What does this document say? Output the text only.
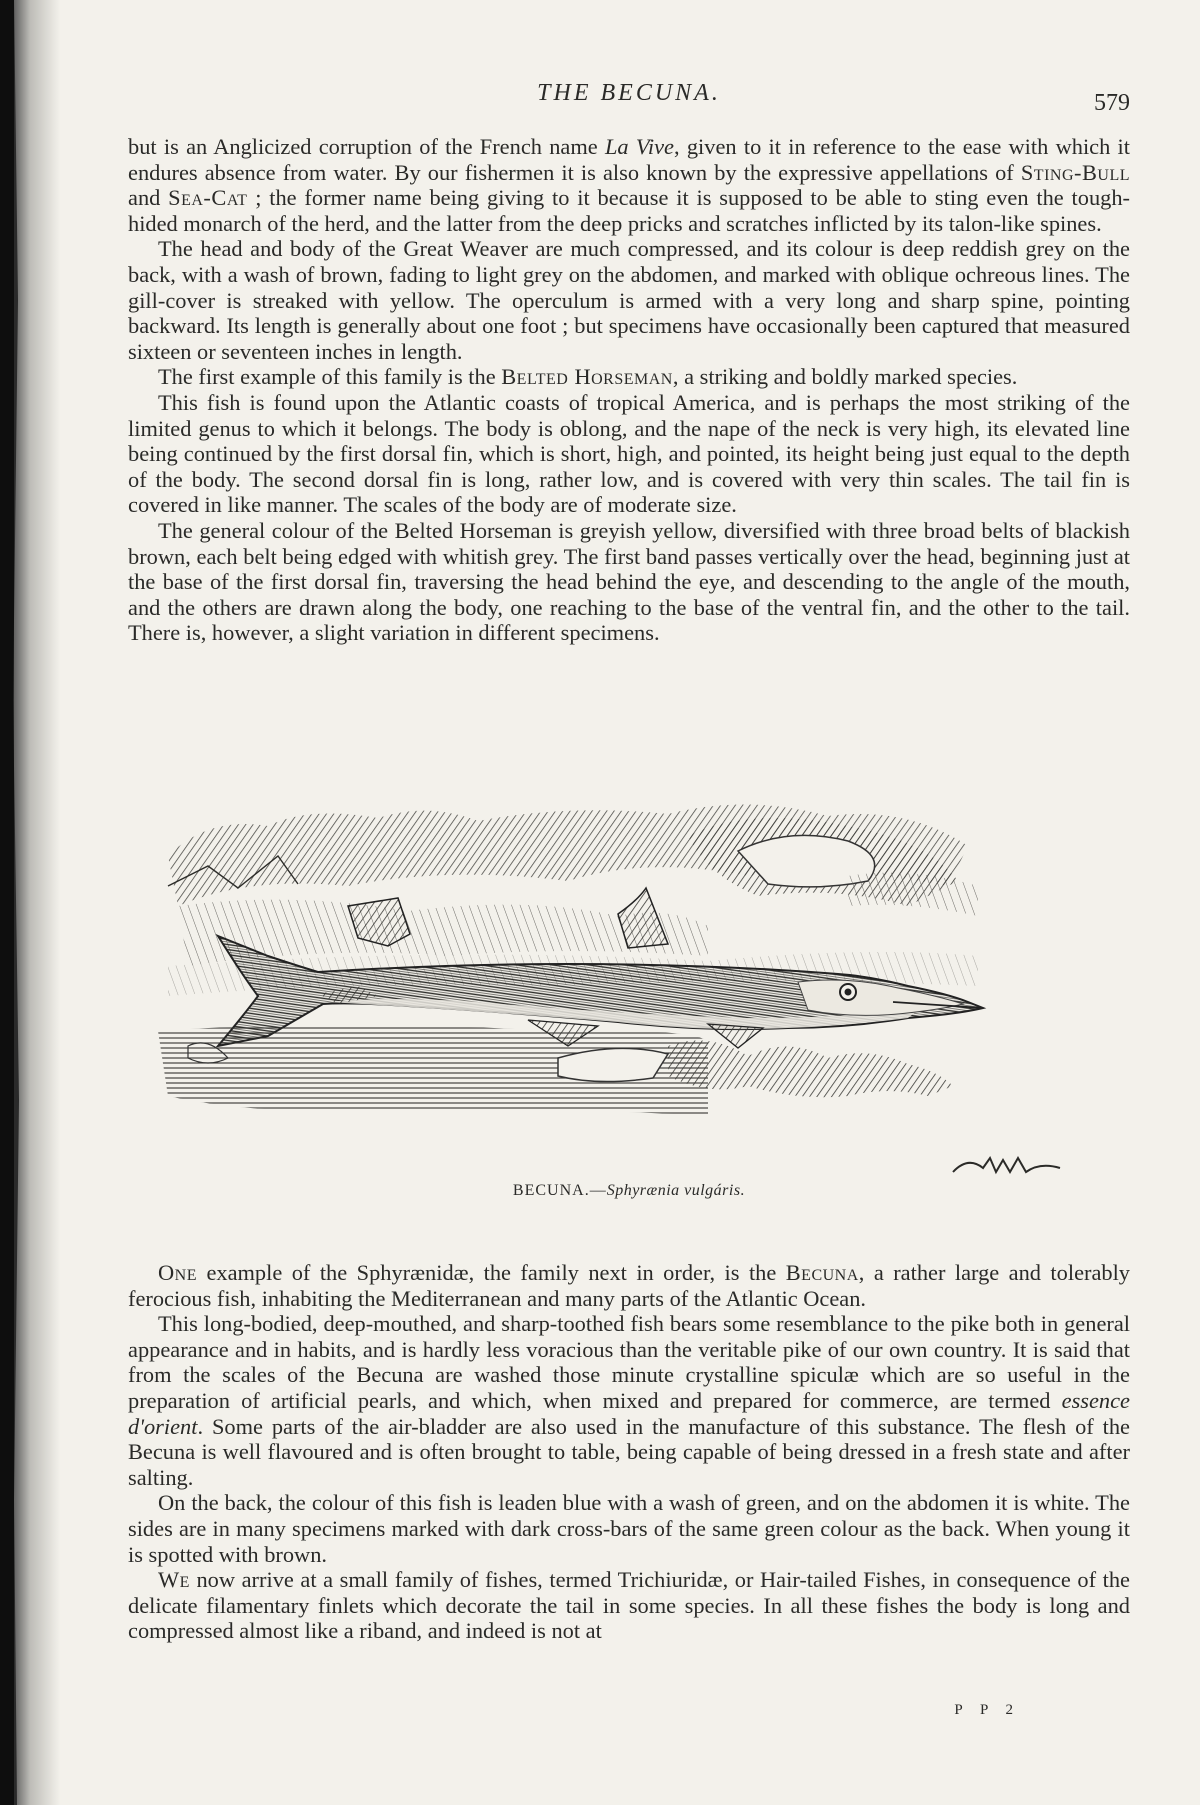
THE BECUNA.	579

but is an Anglicized corruption of the French name La Vive, given to it in reference to the ease with which it endures absence from water. By our fishermen it is also known by the expressive appellations of Sting-Bull and Sea-Cat ; the former name being giving to it because it is supposed to be able to sting even the tough-hided monarch of the herd, and the latter from the deep pricks and scratches inflicted by its talon-like spines.

The head and body of the Great Weaver are much compressed, and its colour is deep reddish grey on the back, with a wash of brown, fading to light grey on the abdomen, and marked with oblique ochreous lines. The gill-cover is streaked with yellow. The operculum is armed with a very long and sharp spine, pointing backward. Its length is generally about one foot ; but specimens have occasionally been captured that measured sixteen or seventeen inches in length.

The first example of this family is the Belted Horseman, a striking and boldly marked species.

This fish is found upon the Atlantic coasts of tropical America, and is perhaps the most striking of the limited genus to which it belongs. The body is oblong, and the nape of the neck is very high, its elevated line being continued by the first dorsal fin, which is short, high, and pointed, its height being just equal to the depth of the body. The second dorsal fin is long, rather low, and is covered with very thin scales. The tail fin is covered in like manner. The scales of the body are of moderate size.

The general colour of the Belted Horseman is greyish yellow, diversified with three broad belts of blackish brown, each belt being edged with whitish grey. The first band passes vertically over the head, beginning just at the base of the first dorsal fin, traversing the head behind the eye, and descending to the angle of the mouth, and the others are drawn along the body, one reaching to the base of the ventral fin, and the other to the tail. There is, however, a slight variation in different specimens.

BECUNA.—Sphyrænia vulgáris.

One example of the Sphyrænidæ, the family next in order, is the Becuna, a rather large and tolerably ferocious fish, inhabiting the Mediterranean and many parts of the Atlantic Ocean.

This long-bodied, deep-mouthed, and sharp-toothed fish bears some resemblance to the pike both in general appearance and in habits, and is hardly less voracious than the veritable pike of our own country. It is said that from the scales of the Becuna are washed those minute crystalline spiculæ which are so useful in the preparation of artificial pearls, and which, when mixed and prepared for commerce, are termed essence d'orient. Some parts of the air-bladder are also used in the manufacture of this substance. The flesh of the Becuna is well flavoured and is often brought to table, being capable of being dressed in a fresh state and after salting.

On the back, the colour of this fish is leaden blue with a wash of green, and on the abdomen it is white. The sides are in many specimens marked with dark cross-bars of the same green colour as the back. When young it is spotted with brown.

We now arrive at a small family of fishes, termed Trichiuridæ, or Hair-tailed Fishes, in consequence of the delicate filamentary finlets which decorate the tail in some species. In all these fishes the body is long and compressed almost like a riband, and indeed is not at

P P 2
